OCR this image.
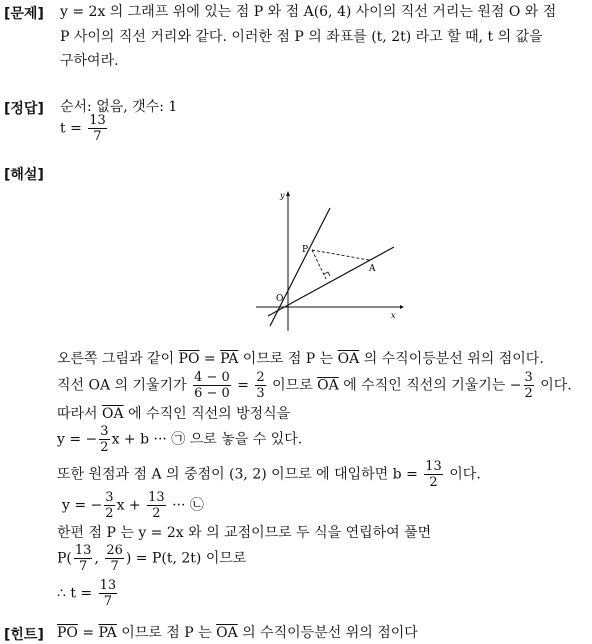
[문제] y = 2x 의 그래프 위에 있는 점 P 와 점 A(6, 4) 사이의 직선 거리는 원점 O 와 점
P 사이의 직선 거리와 같다. 이러한 점 P 의 좌표를 (t, 2t) 라고 할 때, t 의 값을
구하여라.
[정답] 순서: 없음, 갯수: 1
$t = \frac{13}{7}$
[해설]
y
x
O
P
A
오른쪽 그림과 같이 $\overline{PO} = \overline{PA}$ 이므로 점 P 는 $\overline{OA}$ 의 수직이등분선 위의 점이다.
직선 OA 의 기울기가 $\frac{4 - 0}{6 - 0} = \frac{2}{3}$ 이므로 $\overline{OA}$ 에 수직인 직선의 기울기는 − $\frac{3}{2}$ 이다.
따라서 $\overline{OA}$ 에 수직인 직선의 방정식을
y = − $\frac{3}{2}$ x + b ··· ㉠ 으로 놓을 수 있다.
또한 원점과 점 A 의 중점이 (3, 2) 이므로 에 대입하면 $b = \frac{13}{2}$ 이다.
y = − $\frac{3}{2}$ $x + \frac{13}{2}$ ··· ㉡
한편 점 P 는 y = 2x 와 의 교점이므로 두 식을 연립하여 풀면
$P( \frac{13}{7}$ , $\frac{26}{7}$ ) = P(t, 2t) 이므로
∴ $t = \frac{13}{7}$
[힌트] $\overline{PO} = \overline{PA}$ 이므로 점 P 는 $\overline{OA}$ 의 수직이등분선 위의 점이다
